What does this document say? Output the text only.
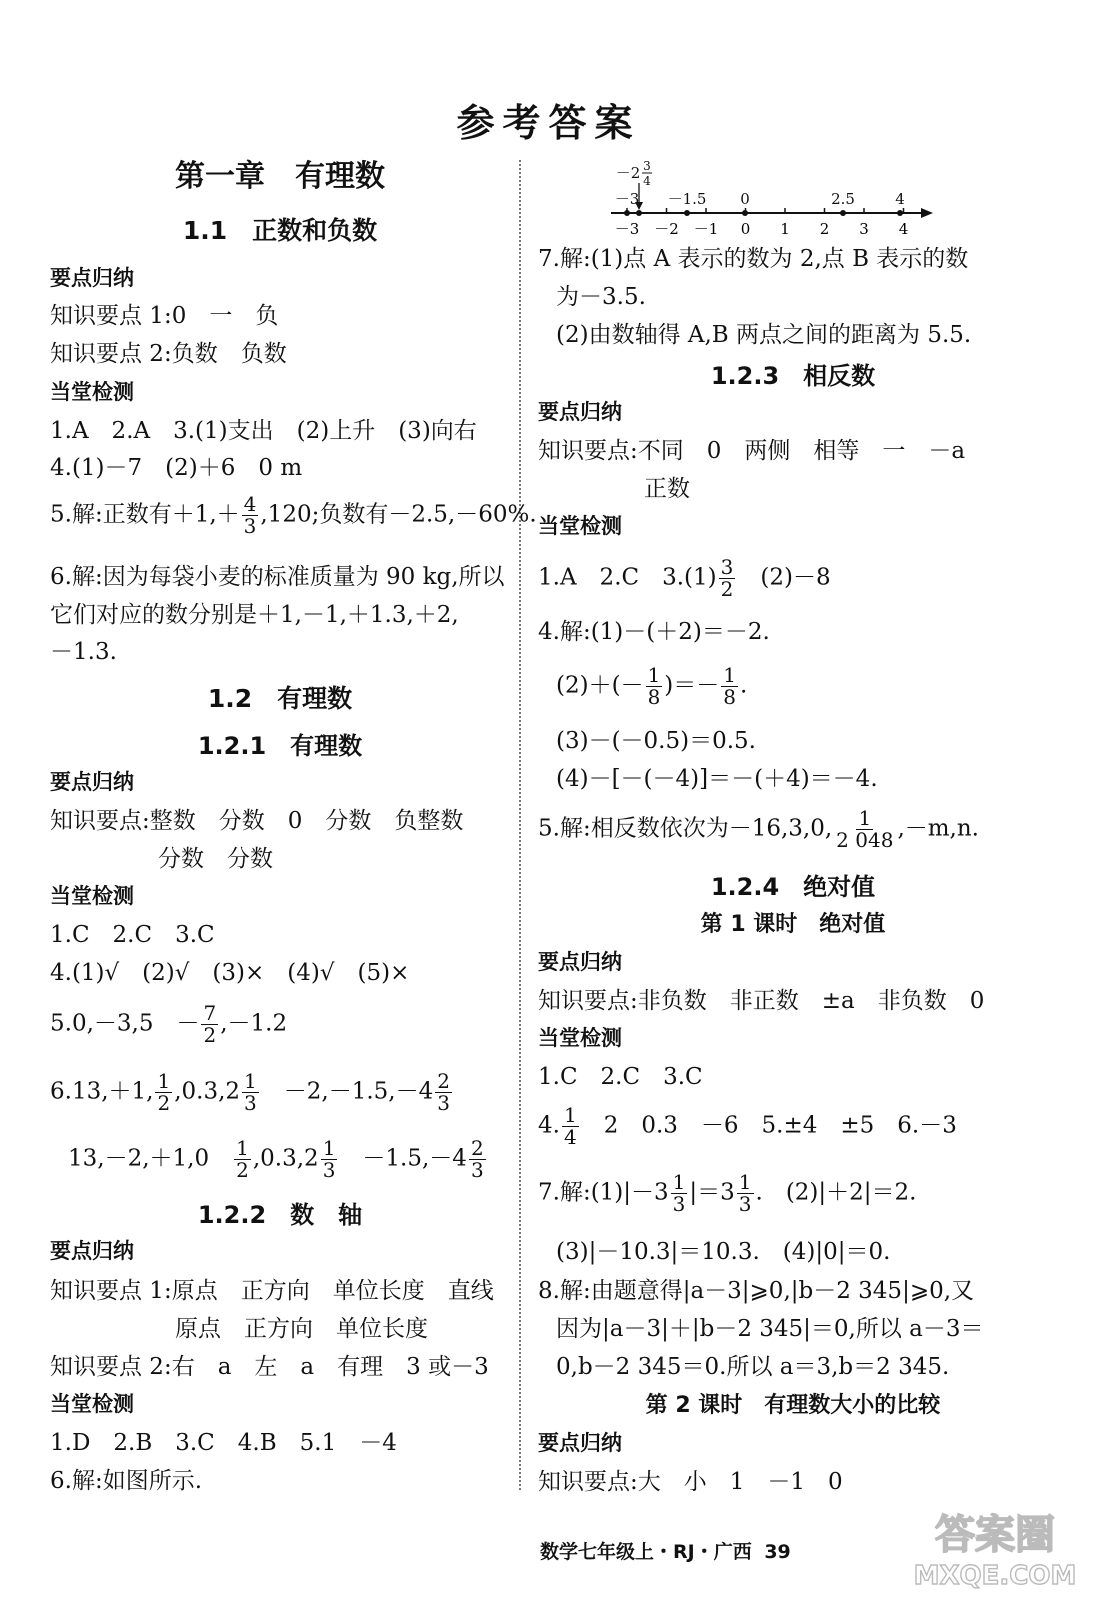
参考答案
第一章　有理数
1.1　正数和负数
要点归纳
知识要点 1:0　一　负
知识要点 2:负数　负数
当堂检测
1.A　2.A　3.(1)支出　(2)上升　(3)向右
4.(1)－7　(2)＋6　0 m
5.解:正数有$+1,+ \frac{4}{3} ,120$;负数有－2.5,－60%.
6.解:因为每袋小麦的标准质量为 90 kg,所以
它们对应的数分别是＋1,－1,＋1.3,＋2,
－1.3.
1.2　有理数
1.2.1　有理数
要点归纳
知识要点:整数　分数　0　分数　负整数
分数　分数
当堂检测
1.C　2.C　3.C
4.(1)√　(2)√　(3)×　(4)√　(5)×
5.0,－3,5　－ $\frac{7}{2} ,-1.2$
6.13,＋1, $\frac{1}{2} ,0.3,2 \frac{1}{3}$ 　$-2,-1.5,-4 \frac{2}{3}$
13,－2,＋1,0　 $\frac{1}{2} ,0.3,2 \frac{1}{3}$ 　$-1.5,-4 \frac{2}{3}$
1.2.2　数　轴
要点归纳
知识要点 1:原点　正方向　单位长度　直线
原点　正方向　单位长度
知识要点 2:右　a　左　a　有理　3 或－3
当堂检测
1.D　2.B　3.C　4.B　5.1　－4
6.解:如图所示.
－2 3
4
－3 －1.5 0	2.5	4
－3 －2 －1 0 1 2 3 4
7.解:(1)点 A 表示的数为 2,点 B 表示的数
为－3.5.
(2)由数轴得 A,B 两点之间的距离为 5.5.
1.2.3　相反数
要点归纳
知识要点:不同　0　两侧　相等　一　－a
正数
当堂检测
1.A　2.C　$3.(1) \frac{3}{2}$ 　(2)－8
4.解:(1)－(＋2)＝－2.
$(2)+(- \frac{1}{8}$ )＝－ $\frac{1}{8}$ .
(3)－(－0.5)＝0.5.
(4)－[－(－4)]＝－(＋4)＝－4.
5.解:相反数依次为－16,3,0, $\frac{1}{2 048} ,-m,n$.
1.2.4　绝对值
第 1 课时　绝对值
要点归纳
知识要点:非负数　非正数　±a　非负数　0
当堂检测
1.C　2.C　3.C
4. $\frac{1}{4}$ 　2　0.3　－6　5.±4　±5　6.－3
7.解:(1)|－3 $\frac{1}{3} |=3 \frac{1}{3}$ .　(2)|＋2|＝2.
(3)|－10.3|＝10.3.　(4)|0|＝0.
8.解:由题意得|a－3|⩾0,|b－2 345|⩾0,又
因为|a－3|＋|b－2 345|＝0,所以 a－3＝
0,b－2 345＝0.所以 a＝3,b＝2 345.
第 2 课时　有理数大小的比较
要点归纳
知识要点:大　小　1　－1　0
数学七年级上・RJ・广西 39	答案圈
MXQE.COM
